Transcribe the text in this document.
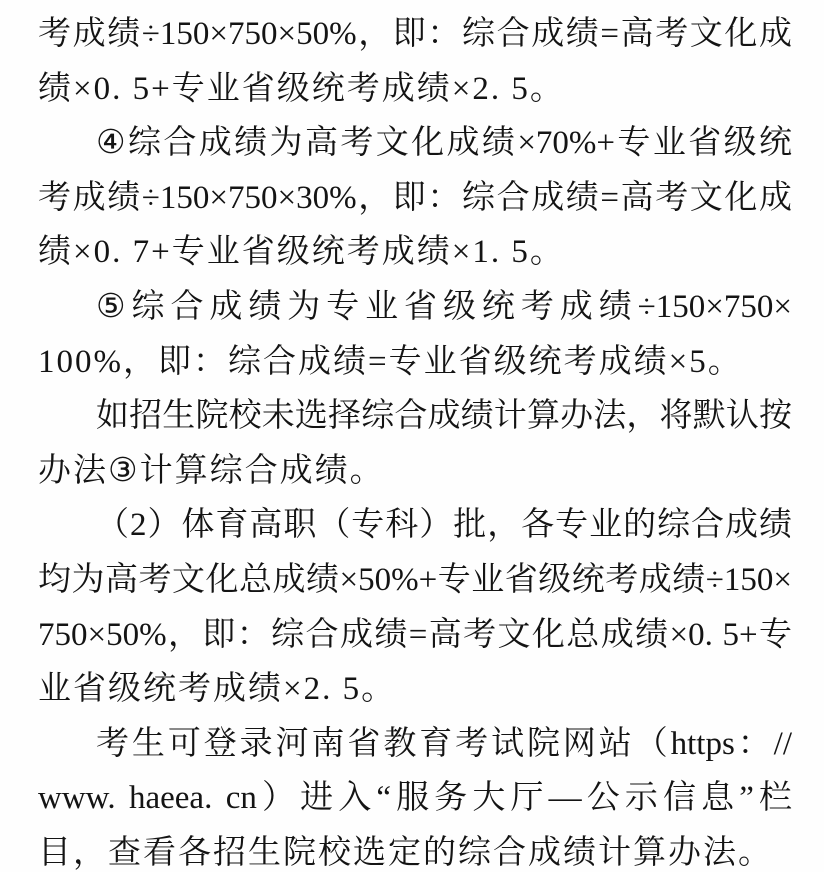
考成绩÷150×750×50%，即：综合成绩=高考文化成
绩×0. 5+专业省级统考成绩×2. 5。
④综合成绩为高考文化成绩×70%+专业省级统
考成绩÷150×750×30%，即：综合成绩=高考文化成
绩×0. 7+专业省级统考成绩×1. 5。
⑤综合成绩为专业省级统考成绩÷150×750×
100%，即：综合成绩=专业省级统考成绩×5。
如招生院校未选择综合成绩计算办法，将默认按
办法③计算综合成绩。
（2）体育高职（专科）批，各专业的综合成绩
均为高考文化总成绩×50%+专业省级统考成绩÷150×
750×50%，即：综合成绩=高考文化总成绩×0. 5+专
业省级统考成绩×2. 5。
考生可登录河南省教育考试院网站（https：//
www. haeea. cn）进入“服务大厅—公示信息”栏
目，查看各招生院校选定的综合成绩计算办法。
